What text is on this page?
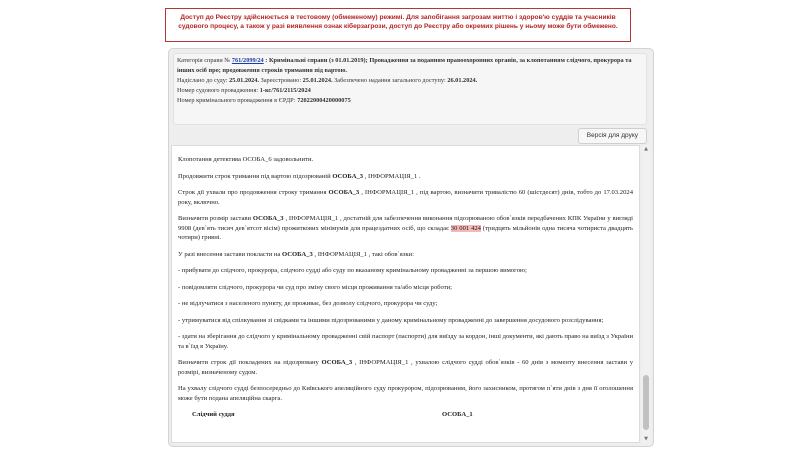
Доступ до Реєстру здійснюється в тестовому (обмеженому) режимі. Для запобігання загрозам життю і здоров'ю суддів та учасників судового процесу, а також у разі виявлення ознак кіберзагрози, доступ до Реєстру або окремих рішень у ньому може бути обмежено.
Категорія справи № 761/2099/24 : Кримінальні справи (з 01.01.2019); Провадження за поданням правоохоронних органів, за клопотанням слідчого, прокурора та інших осіб про; продовження строків тримання під вартою.
Надіслано до суду: 25.01.2024. Зареєстровано: 25.01.2024. Забезпечено надання загального доступу: 26.01.2024.
Номер судового провадження: 1-кс/761/2115/2024
Номер кримінального провадження в ЄРДР: 72022000420000075
Версія для друку

Клопотання детектива ОСОБА_6 задовольнити.

Продовжити строк тримання під вартою підозрюваній ОСОБА_3 , ІНФОРМАЦІЯ_1 .

Строк дії ухвали про продовження строку тримання ОСОБА_3 , ІНФОРМАЦІЯ_1 , під вартою, визначити тривалістю 60 (шістдесят) днів, тобто до 17.03.2024 року, включно.

Визначити розмір застави ОСОБА_3 , ІНФОРМАЦІЯ_1 , достатній для забезпечення виконання підозрюваною обов`язків передбачених КПК України у вигляді 9908 (дев`ять тисяч дев`ятсот вісім) прожиткових мінімумів для працездатних осіб, що складає 30 001 424 (тридцять мільйонів одна тисяча чотириста двадцять чотири) гривні.

У разі внесення застави покласти на ОСОБА_3 , ІНФОРМАЦІЯ_1 , такі обов`язки:

- прибувати до слідчого, прокурора, слідчого судді або суду по вказаному кримінальному провадженні за першою вимогою;

- повідомляти слідчого, прокурора чи суд про зміну свого місця проживання та/або місця роботи;

- не відлучатися з населеного пункту, де проживає, без дозволу слідчого, прокурора чи суду;

- утримуватися від спілкування зі свідками та іншими підозрюваними у даному кримінальному провадженні до завершення досудового розслідування;

- здати на зберігання до слідчого у кримінальному провадженні свій паспорт (паспорти) для виїзду за кордон, інші документи, які дають право на виїзд з України та в`їзд в Україну.

Визначити строк дії покладених на підозрювану ОСОБА_3 , ІНФОРМАЦІЯ_1 , ухвалою слідчого судді обов`язків - 60 днів з моменту внесення застави у розмірі, визначеному судом.

На ухвалу слідчого судді безпосередньо до Київського апеляційного суду прокурором, підозрюваним, його захисником, протягом п`яти днів з дня її оголошення може бути подана апеляційна скарга.

Слідчий суддя	ОСОБА_1
▲
▼
